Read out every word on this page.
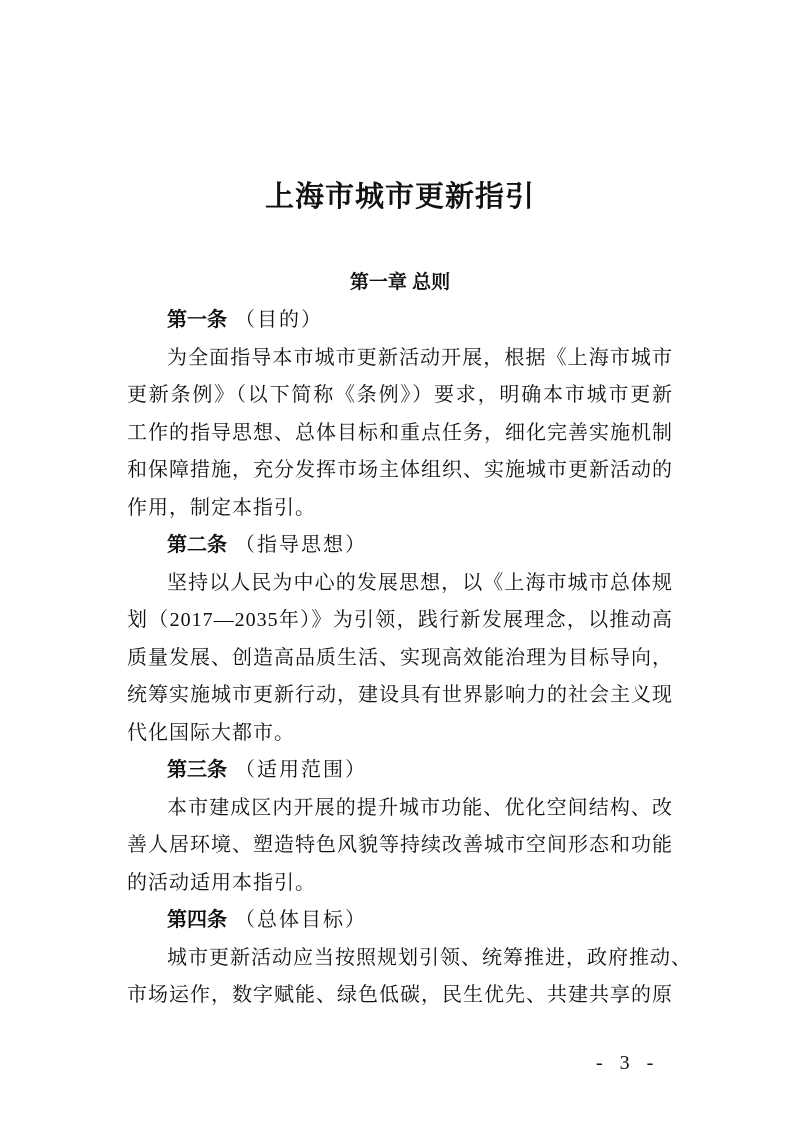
上海市城市更新指引
第一章 总则
第一条 （目的）
为全面指导本市城市更新活动开展，根据《上海市城市
更新条例》（以下简称《条例》）要求，明确本市城市更新
工作的指导思想、总体目标和重点任务，细化完善实施机制
和保障措施，充分发挥市场主体组织、实施城市更新活动的
作用，制定本指引。
第二条 （指导思想）
坚持以人民为中心的发展思想，以《上海市城市总体规
划（2017—2035年）》为引领，践行新发展理念，以推动高
质量发展、创造高品质生活、实现高效能治理为目标导向，
统筹实施城市更新行动，建设具有世界影响力的社会主义现
代化国际大都市。
第三条 （适用范围）
本市建成区内开展的提升城市功能、优化空间结构、改
善人居环境、塑造特色风貌等持续改善城市空间形态和功能
的活动适用本指引。
第四条 （总体目标）
城市更新活动应当按照规划引领、统筹推进，政府推动、
市场运作，数字赋能、绿色低碳，民生优先、共建共享的原
- 3 -
